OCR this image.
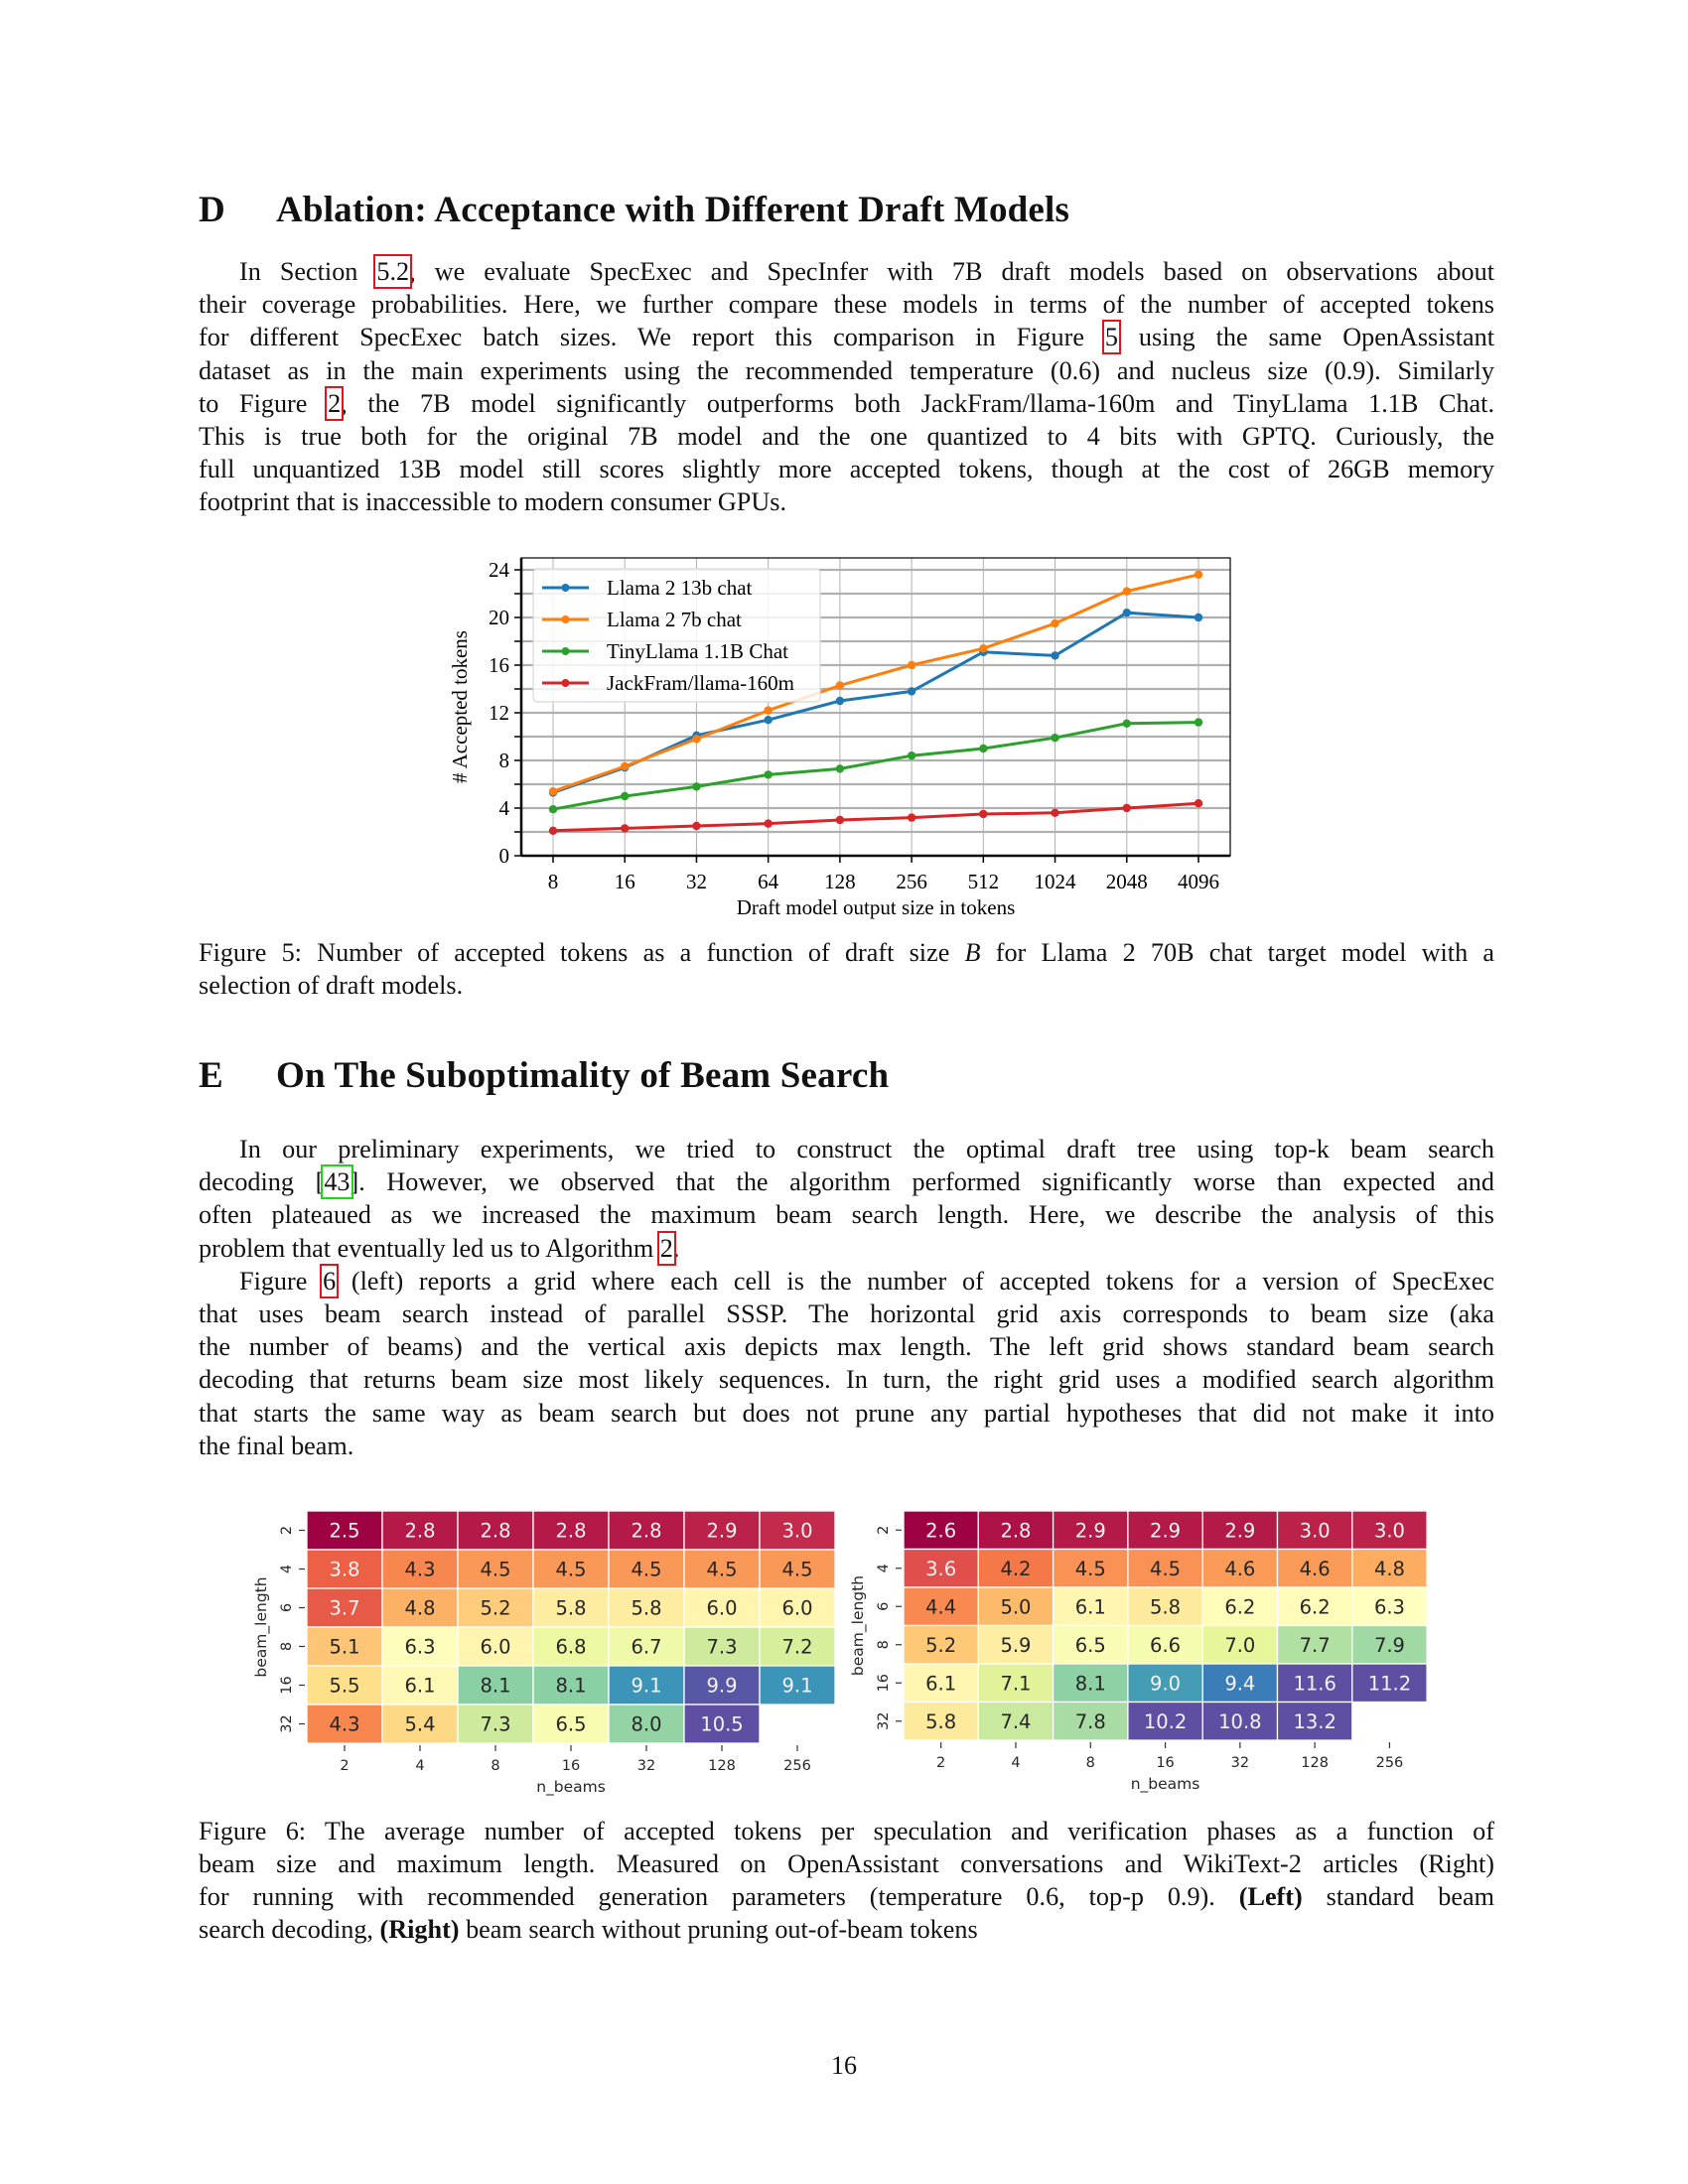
D Ablation: Acceptance with Different Draft Models
In Section 5.2, we evaluate SpecExec and SpecInfer with 7B draft models based on observations about
their coverage probabilities. Here, we further compare these models in terms of the number of accepted tokens
for different SpecExec batch sizes. We report this comparison in Figure 5 using the same OpenAssistant
dataset as in the main experiments using the recommended temperature (0.6) and nucleus size (0.9). Similarly
to Figure 2, the 7B model significantly outperforms both JackFram/llama-160m and TinyLlama 1.1B Chat.
This is true both for the original 7B model and the one quantized to 4 bits with GPTQ. Curiously, the
full unquantized 13B model still scores slightly more accepted tokens, though at the cost of 26GB memory
footprint that is inaccessible to modern consumer GPUs.
0
4
8
12
16
20
24
8	16 32 64 128 256 512 1024 2048 4096
Draft model output size in tokens
# Accepted tokens
Llama 2 13b chat
Llama 2 7b chat
TinyLlama 1.1B Chat
JackFram/llama-160m
Figure 5: Number of accepted tokens as a function of draft size B for Llama 2 70B chat target model with a
selection of draft models.
E On The Suboptimality of Beam Search
In our preliminary experiments, we tried to construct the optimal draft tree using top-k beam search
decoding [43]. However, we observed that the algorithm performed significantly worse than expected and
often plateaued as we increased the maximum beam search length. Here, we describe the analysis of this
problem that eventually led us to Algorithm 2.
Figure 6 (left) reports a grid where each cell is the number of accepted tokens for a version of SpecExec
that uses beam search instead of parallel SSSP. The horizontal grid axis corresponds to beam size (aka
the number of beams) and the vertical axis depicts max length. The left grid shows standard beam search
decoding that returns beam size most likely sequences. In turn, the right grid uses a modified search algorithm
that starts the same way as beam search but does not prune any partial hypotheses that did not make it into
the final beam.
2.5 2.8 2.8 2.8 2.8 2.9 3.0
3.8 4.3 4.5 4.5 4.5 4.5 4.5
3.7 4.8 5.2 5.8 5.8 6.0 6.0
5.1 6.3 6.0 6.8 6.7 7.3 7.2
5.5 6.1 8.1 8.1 9.1 9.9 9.1
4.3 5.4 7.3 6.5 8.0 10.5
2	4	8	16	32	128	256
2
4
6
8
16
32
n_beams
beam_length
2.6 2.8 2.9 2.9 2.9 3.0 3.0
3.6 4.2 4.5 4.5 4.6 4.6 4.8
4.4 5.0 6.1 5.8 6.2 6.2 6.3
5.2 5.9 6.5 6.6 7.0 7.7 7.9
6.1 7.1 8.1 9.0 9.4 11.6 11.2
5.8 7.4 7.8 10.2 10.8 13.2
2	4	8	16	32	128	256
2
4
6
8
16
32
n_beams
beam_length
Figure 6: The average number of accepted tokens per speculation and verification phases as a function of
beam size and maximum length. Measured on OpenAssistant conversations and WikiText-2 articles (Right)
for running with recommended generation parameters (temperature 0.6, top-p 0.9). (Left) standard beam
search decoding, (Right) beam search without pruning out-of-beam tokens
16
